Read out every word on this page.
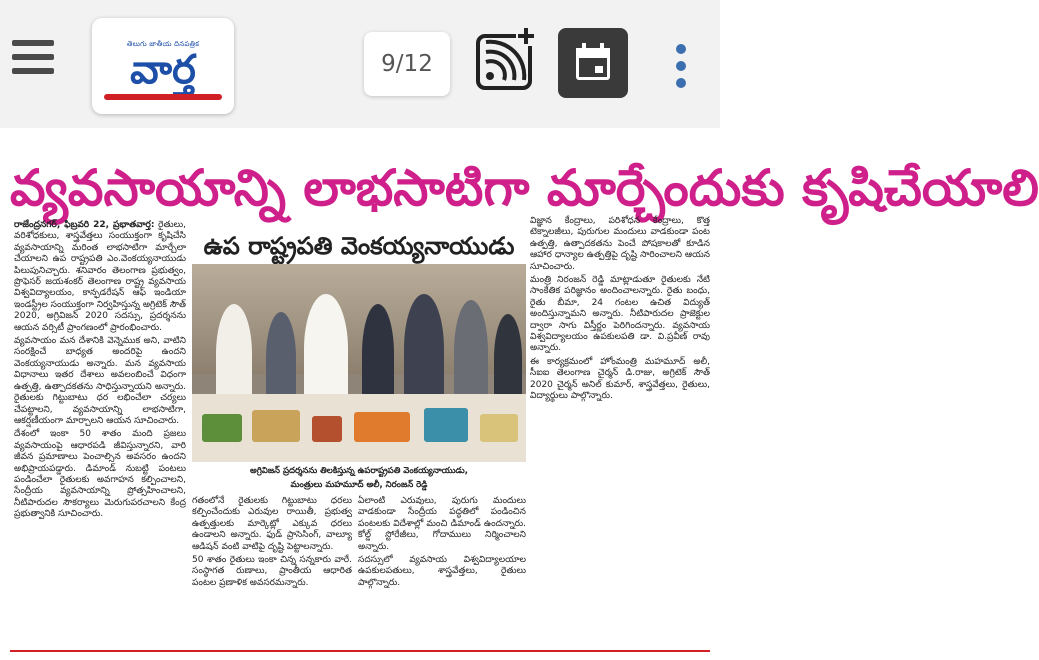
తెలుగు జాతీయ దినపత్రిక
వార్త	9/12
వ్యవసాయాన్ని లాభసాటిగా మార్చేందుకు కృషిచేయాలి

రాజేంద్రనగర్, ఫిబ్రవరి 22, ప్రభాతవార్త: రైతులు, వరిశోధకులు, శాస్త్రవేత్తలు సంయుక్తంగా కృషిచేసి వ్యవసాయాన్ని మరింత లాభసాటిగా మార్చేలా చేయాలని ఉప రాష్ట్రపతి ఎం.వెంకయ్యనాయుడు పిలుపునిచ్చారు. శనివారం తెలంగాణ ప్రభుత్వం, ప్రొఫెసర్ జయశంకర్ తెలంగాణ రాష్ట్ర వ్యవసాయ విశ్వవిద్యాలయం, కాన్ఫడరేషన్ ఆఫ్ ఇండియా ఇండస్ట్రీల సంయుక్తంగా నిర్వహిస్తున్న అగ్రిటెక్ సౌత్ 2020, అగ్రివిజన్ 2020 సదస్సు, ప్రదర్శనను ఆయన వర్సిటీ ప్రాంగణంలో ప్రారంభించారు.

వ్యవసాయం మన దేశానికి వెన్నెముక అని, వాటిని సంరక్షించే బాధ్యత అందరిపై ఉందని వెంకయ్యనాయుడు అన్నారు. మన వ్యవసాయ విధానాలు ఇతర దేశాలు అవలంబించే విధంగా ఉత్పత్తి, ఉత్పాదకతను సాధిస్తున్నాయని అన్నారు. రైతులకు గిట్టుబాటు ధర లభించేలా చర్యలు చేపట్టాలని, వ్యవసాయాన్ని లాభసాటిగా, ఆకర్షణీయంగా మార్చాలని ఆయన సూచించారు.

దేశంలో ఇంకా 50 శాతం మంది ప్రజలు వ్యవసాయంపై ఆధారపడి జీవిస్తున్నారని, వారి జీవన ప్రమాణాలు పెంచాల్సిన అవసరం ఉందని అభిప్రాయపడ్డారు. డిమాండ్ నుబట్టి పంటలు పండించేలా రైతులకు అవగాహన కల్పించాలని, సేంద్రీయ వ్యవసాయాన్ని ప్రోత్సహించాలని, నీటిపారుదల సౌకర్యాలు మెరుగుపరచాలని కేంద్ర ప్రభుత్వానికి సూచించారు.

ఉప రాష్ట్రపతి వెంకయ్యనాయుడు
అగ్రివిజన్ ప్రదర్శనను తిలకిస్తున్న ఉపరాష్ట్రపతి వెంకయ్యనాయుడు,
మంత్రులు మహమూద్ అలీ, నిరంజన్ రెడ్డి

గతంలోనే రైతులకు గిట్టుబాటు ధరలు కల్పించేందుకు ఎరువుల రాయితీ, ప్రభుత్వ ఉత్పత్తులకు మార్కెట్లో ఎక్కువ ధరలు ఉండాలని అన్నారు. ఫుడ్ ప్రాసెసింగ్, వాల్యూ ఆడిషన్ వంటి వాటిపై దృష్టి పెట్టాలన్నారు.

50 శాతం రైతులు ఇంకా చిన్న సన్నకారు వారే. సంస్థాగత రుణాలు, ప్రాంతీయ ఆధారిత పంటల ప్రణాళిక అవసరమన్నారు.

ఏలాంటి ఎరువులు, పురుగు మందులు వాడకుండా సేంద్రీయ పద్ధతిలో పండించిన పంటలకు విదేశాల్లో మంచి డిమాండ్ ఉందన్నారు. కోల్డ్ స్టోరేజీలు, గోదాములు నిర్మించాలని అన్నారు.

సదస్సులో వ్యవసాయ విశ్వవిద్యాలయాల ఉపకులపతులు, శాస్త్రవేత్తలు, రైతులు పాల్గొన్నారు.

విజ్ఞాన కేంద్రాలు, పరిశోధన కేంద్రాలు, కొత్త టెక్నాలజీలు, పురుగుల మందులు వాడకుండా పంట ఉత్పత్తి, ఉత్పాదకతను పెంచే పోషకాలతో కూడిన ఆహార ధాన్యాల ఉత్పత్తిపై దృష్టి సారించాలని ఆయన సూచించారు.

మంత్రి నిరంజన్ రెడ్డి మాట్లాడుతూ రైతులకు నేటి సాంకేతిక పరిజ్ఞానం అందించాలన్నారు. రైతు బంధు, రైతు బీమా, 24 గంటల ఉచిత విద్యుత్ అందిస్తున్నామని అన్నారు. నీటిపారుదల ప్రాజెక్టుల ద్వారా సాగు విస్తీర్ణం పెరిగిందన్నారు. వ్యవసాయ విశ్వవిద్యాలయం ఉపకులపతి డా. వి.ప్రవీణ్ రావు అన్నారు.

ఈ కార్యక్రమంలో హోంమంత్రి మహమూద్ అలీ, సీఐఐ తెలంగాణ చైర్మన్ డి.రాజు, అగ్రిటెక్ సౌత్ 2020 చైర్మన్ అనిల్ కుమార్, శాస్త్రవేత్తలు, రైతులు, విద్యార్థులు పాల్గొన్నారు.
